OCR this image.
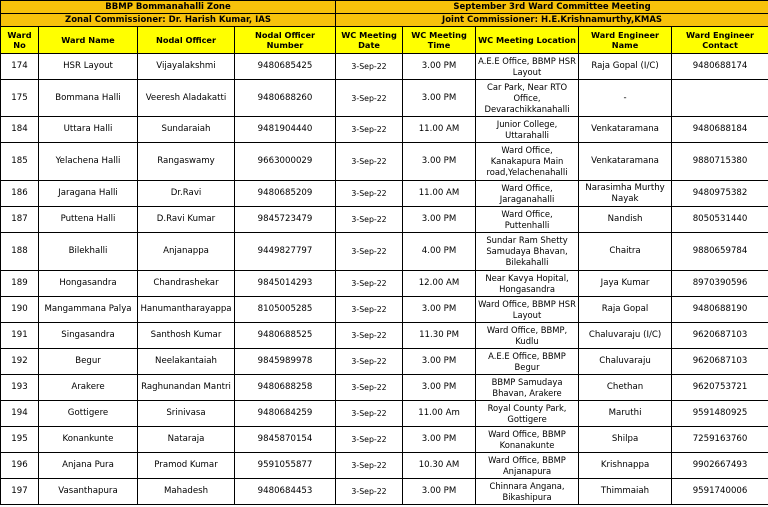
BBMP Bommanahalli Zone				September 3rd Ward Committee Meeting				
Zonal Commissioner: Dr. Harish Kumar, IAS				Joint Commissioner: H.E.Krishnamurthy,KMAS				
Ward No	Ward Name	Nodal Officer	Nodal Officer Number	WC Meeting Date	WC Meeting Time	WC Meeting Location	Ward Engineer Name	Ward Engineer Contact
174	HSR Layout	Vijayalakshmi	9480685425	3-Sep-22	3.00 PM	A.E.E Office, BBMP HSR Layout	Raja Gopal (I/C)	9480688174
175	Bommana Halli	Veeresh Aladakatti	9480688260	3-Sep-22	3.00 PM	Car Park, Near RTO Office, Devarachikkanahalli	-	
184	Uttara Halli	Sundaraiah	9481904440	3-Sep-22	11.00 AM	Junior College, Uttarahalli	Venkataramana	9480688184
185	Yelachena Halli	Rangaswamy	9663000029	3-Sep-22	3.00 PM	Ward Office, Kanakapura Main road,Yelachenahalli	Venkataramana	9880715380
186	Jaragana Halli	Dr.Ravi	9480685209	3-Sep-22	11.00 AM	Ward Office, Jaraganahalli	Narasimha Murthy Nayak	9480975382
187	Puttena Halli	D.Ravi Kumar	9845723479	3-Sep-22	3.00 PM	Ward Office, Puttenhalli	Nandish	8050531440
188	Bilekhalli	Anjanappa	9449827797	3-Sep-22	4.00 PM	Sundar Ram Shetty Samudaya Bhavan, Bilekahalli	Chaitra	9880659784
189	Hongasandra	Chandrashekar	9845014293	3-Sep-22	12.00 AM	Near Kavya Hopital, Hongasandra	Jaya Kumar	8970390596
190	Mangammana Palya	Hanumantharayappa	8105005285	3-Sep-22	3.00 PM	Ward Office, BBMP HSR Layout	Raja Gopal	9480688190
191	Singasandra	Santhosh Kumar	9480688525	3-Sep-22	11.30 PM	Ward Office, BBMP, Kudlu	Chaluvaraju (I/C)	9620687103
192	Begur	Neelakantaiah	9845989978	3-Sep-22	3.00 PM	A.E.E Office, BBMP Begur	Chaluvaraju	9620687103
193	Arakere	Raghunandan Mantri	9480688258	3-Sep-22	3.00 PM	BBMP Samudaya Bhavan, Arakere	Chethan	9620753721
194	Gottigere	Srinivasa	9480684259	3-Sep-22	11.00 Am	Royal County Park, Gottigere	Maruthi	9591480925
195	Konankunte	Nataraja	9845870154	3-Sep-22	3.00 PM	Ward Office, BBMP Konanakunte	Shilpa	7259163760
196	Anjana Pura	Pramod Kumar	9591055877	3-Sep-22	10.30 AM	Ward Office, BBMP Anjanapura	Krishnappa	9902667493
197	Vasanthapura	Mahadesh	9480684453	3-Sep-22	3.00 PM	Chinnara Angana, Bikashipura	Thimmaiah	9591740006
